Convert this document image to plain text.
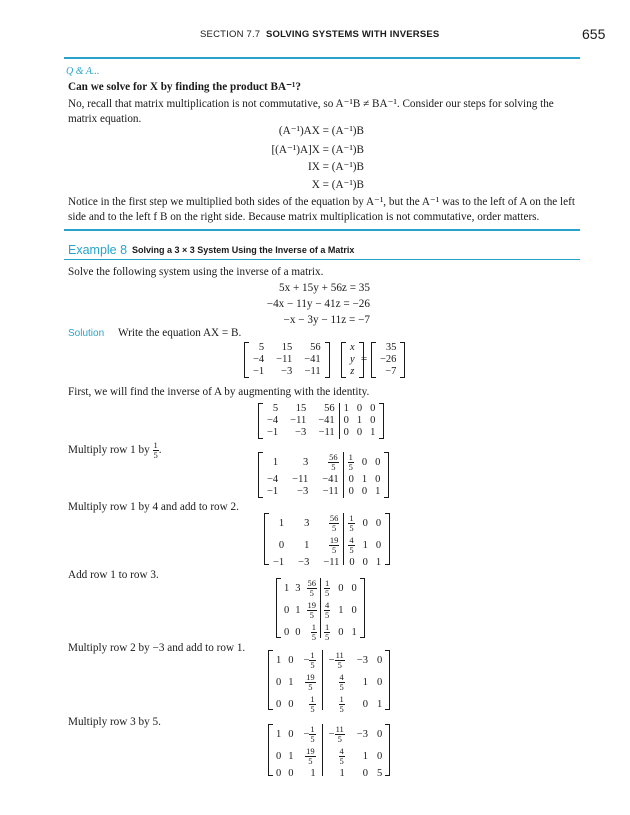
SECTION 7.7 SOLVING SYSTEMS WITH INVERSES	655
Q & A...
Can we solve for X by finding the product BA⁻¹?
No, recall that matrix multiplication is not commutative, so A⁻¹B ≠ BA⁻¹. Consider our steps for solving the matrix equation.
(A⁻¹)AX = (A⁻¹)B
[(A⁻¹)A]X = (A⁻¹)B
IX = (A⁻¹)B
X = (A⁻¹)B
Notice in the first step we multiplied both sides of the equation by A⁻¹, but the A⁻¹ was to the left of A on the left side and to the left f B on the right side. Because matrix multiplication is not commutative, order matters.
Example 8 Solving a 3 × 3 System Using the Inverse of a Matrix
Solve the following system using the inverse of a matrix.
5x + 15y + 56z = 35
−4x − 11y − 41z = −26
−x − 3y − 11z = −7
Solution Write the equation AX = B.
5
−4
−1
15
−11
−3
56
−41
−11
x
y
z
=
35
−26
−7
First, we will find the inverse of A by augmenting with the identity.
5
−4
−1
15
−11
−3
56
−41
−11
1
0
0
0
1
0
0
0
1
Multiply row 1 by $\frac{1}{5}$ .
1
−4
−1
3
−11
−3
$\frac{56}{5}$
−41
−11
$\frac{1}{5}$
0
0
0
1
0
0
0
1
Multiply row 1 by 4 and add to row 2.
1
0
−1
3
1
−3
$\frac{56}{5}$
$\frac{19}{5}$
−11
$\frac{1}{5}$
$\frac{4}{5}$
0
0
1
0
0
0
1
Add row 1 to row 3.
1
0
0
3
1
0
$\frac{56}{5}$
$\frac{19}{5}$
$\frac{1}{5}$
$\frac{1}{5}$
$\frac{4}{5}$
$\frac{1}{5}$
0
1
0
0
0
1
Multiply row 2 by −3 and add to row 1.
1
0
0
0
1
0
− $\frac{1}{5}$
$\frac{19}{5}$
$\frac{1}{5}$
− $\frac{11}{5}$
$\frac{4}{5}$
$\frac{1}{5}$
−3
1
0
0
0
1
Multiply row 3 by 5.
1
0
0
0
1
0
− $\frac{1}{5}$
$\frac{19}{5}$
1
− $\frac{11}{5}$
$\frac{4}{5}$
1
−3
1
0
0
0
5
